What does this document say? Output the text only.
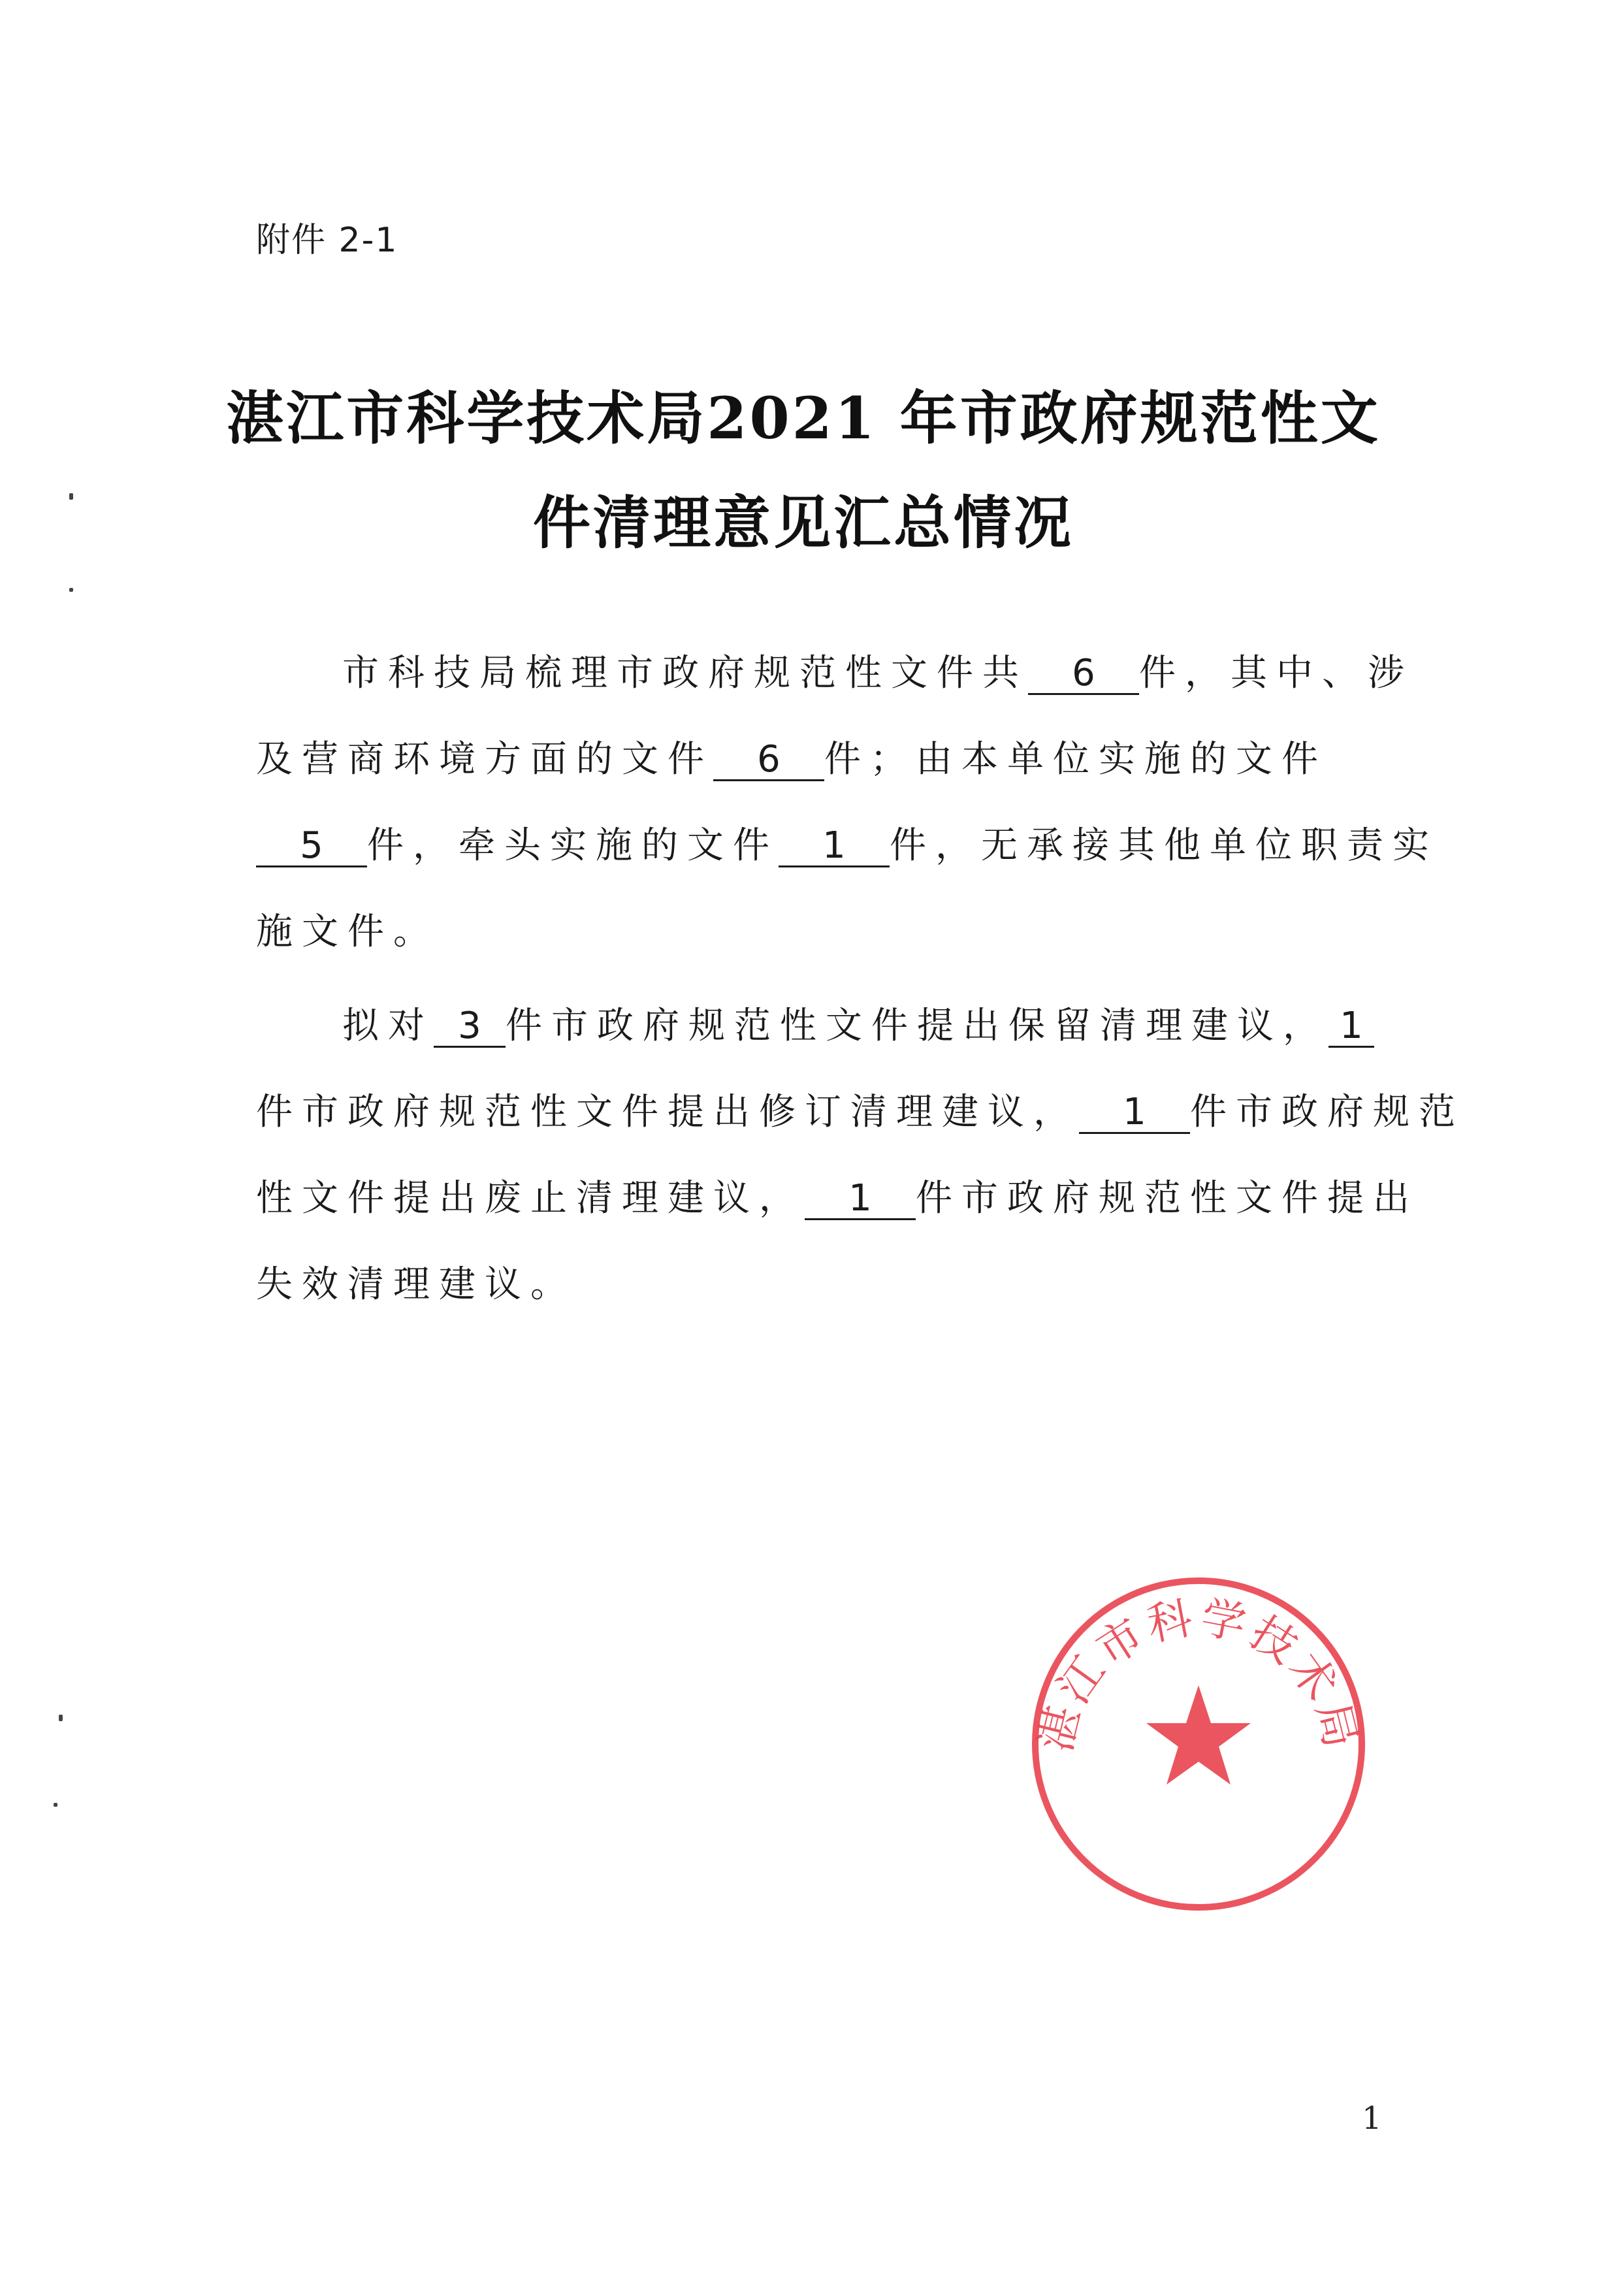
附件 2-1
湛江市科学技术局2021 年市政府规范性文
件清理意见汇总情况
市科技局梳理市政府规范性文件共 6 件，其中、涉
及营商环境方面的文件 6 件；由本单位实施的文件
5 件，牵头实施的文件 1 件，无承接其他单位职责实
施文件。
拟对 3 件市政府规范性文件提出保留清理建议， 1
件市政府规范性文件提出修订清理建议， 1 件市政府规范
性文件提出废止清理建议， 1 件市政府规范性文件提出
失效清理建议。
湛江市科学技术局
1
